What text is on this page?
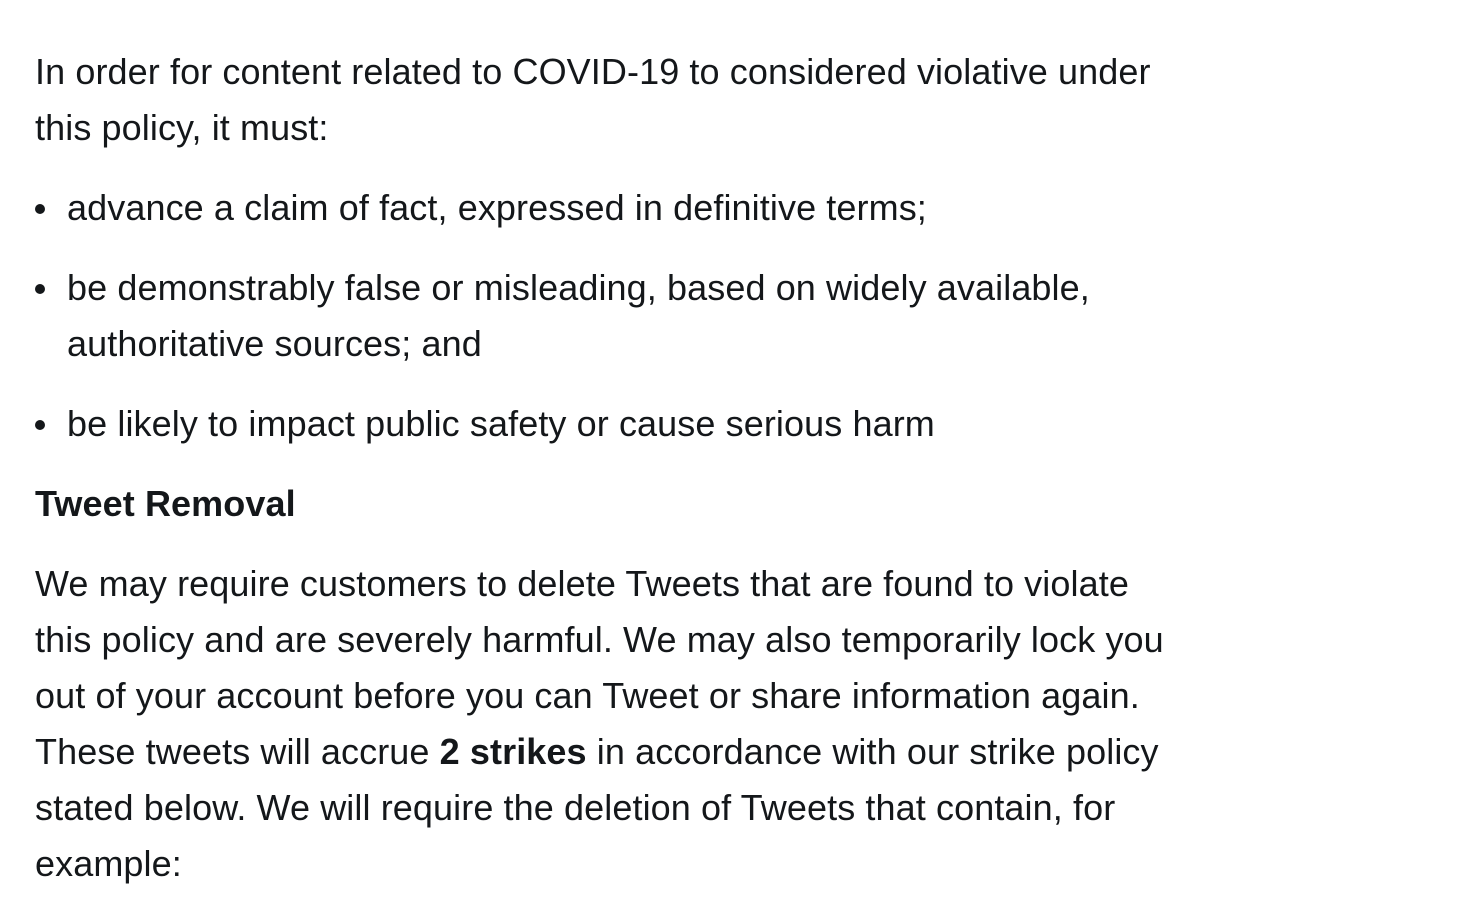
In order for content related to COVID-19 to considered violative under this policy, it must:

advance a claim of fact, expressed in definitive terms;
be demonstrably false or misleading, based on widely available, authoritative sources; and
be likely to impact public safety or cause serious harm
Tweet Removal

We may require customers to delete Tweets that are found to violate this policy and are severely harmful. We may also temporarily lock you out of your account before you can Tweet or share information again. These tweets will accrue 2 strikes in accordance with our strike policy stated below. We will require the deletion of Tweets that contain, for example:
